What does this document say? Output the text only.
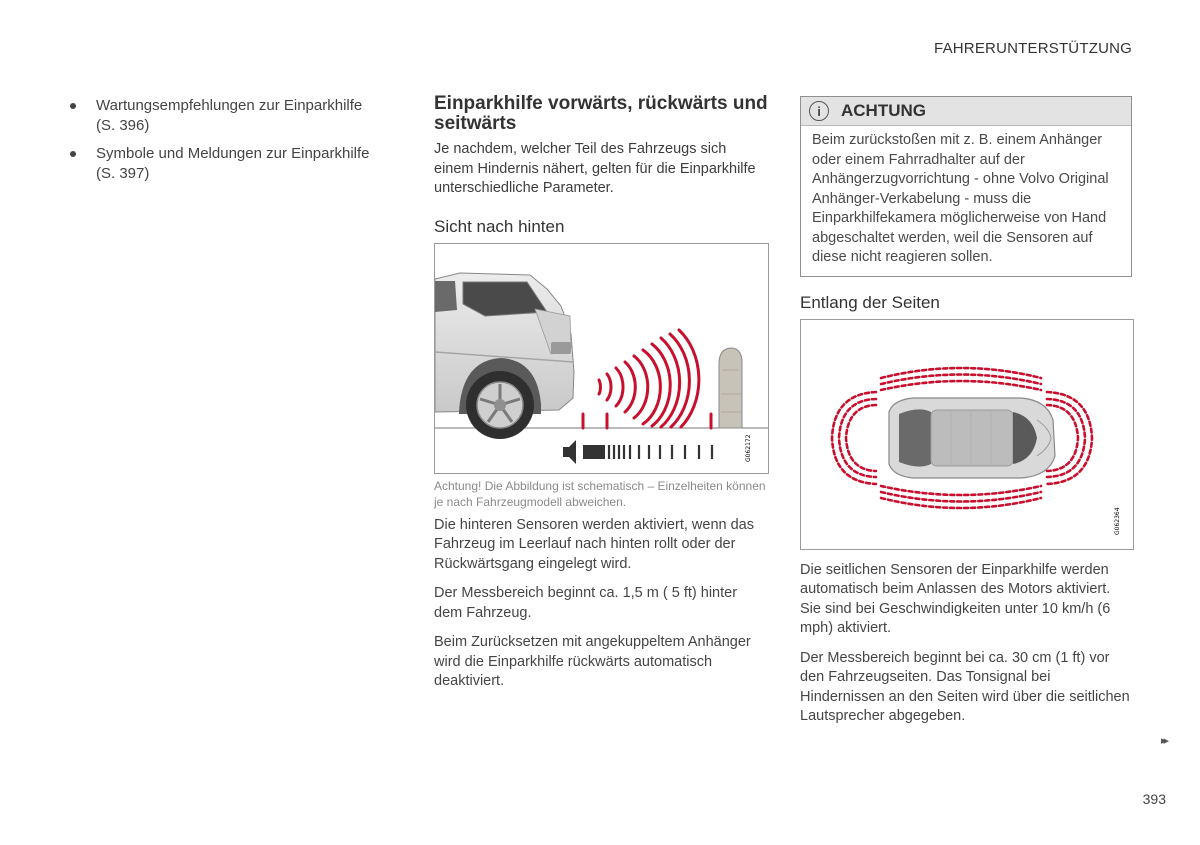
FAHRERUNTERSTÜTZUNG
Wartungsempfehlungen zur Einparkhilfe
(S. 396)
Symbole und Meldungen zur Einparkhilfe
(S. 397)
Einparkhilfe vorwärts, rückwärts und seitwärts

Je nachdem, welcher Teil des Fahrzeugs sich einem Hindernis nähert, gelten für die Einparkhilfe unterschiedliche Parameter.

Sicht nach hinten
G062172

Achtung! Die Abbildung ist schematisch – Einzelheiten können je nach Fahrzeugmodell abweichen.

Die hinteren Sensoren werden aktiviert, wenn das Fahrzeug im Leerlauf nach hinten rollt oder der Rückwärtsgang eingelegt wird.

Der Messbereich beginnt ca. 1,5 m ( 5 ft) hinter dem Fahrzeug.

Beim Zurücksetzen mit angekuppeltem Anhänger wird die Einparkhilfe rückwärts automatisch deaktiviert.

i	ACHTUNG
Beim zurückstoßen mit z. B. einem Anhänger oder einem Fahrradhalter auf der Anhängerzugvorrichtung - ohne Volvo Original Anhänger-Verkabelung - muss die Einparkhilfekamera möglicherweise von Hand abgeschaltet werden, weil die Sensoren auf diese nicht reagieren sollen.
Entlang der Seiten
G062364

Die seitlichen Sensoren der Einparkhilfe werden automatisch beim Anlassen des Motors aktiviert. Sie sind bei Geschwindigkeiten unter 10 km/h (6 mph) aktiviert.

Der Messbereich beginnt bei ca. 30 cm (1 ft) vor den Fahrzeugseiten. Das Tonsignal bei Hindernissen an den Seiten wird über die seitlichen Lautsprecher abgegeben.

▸▸
393
